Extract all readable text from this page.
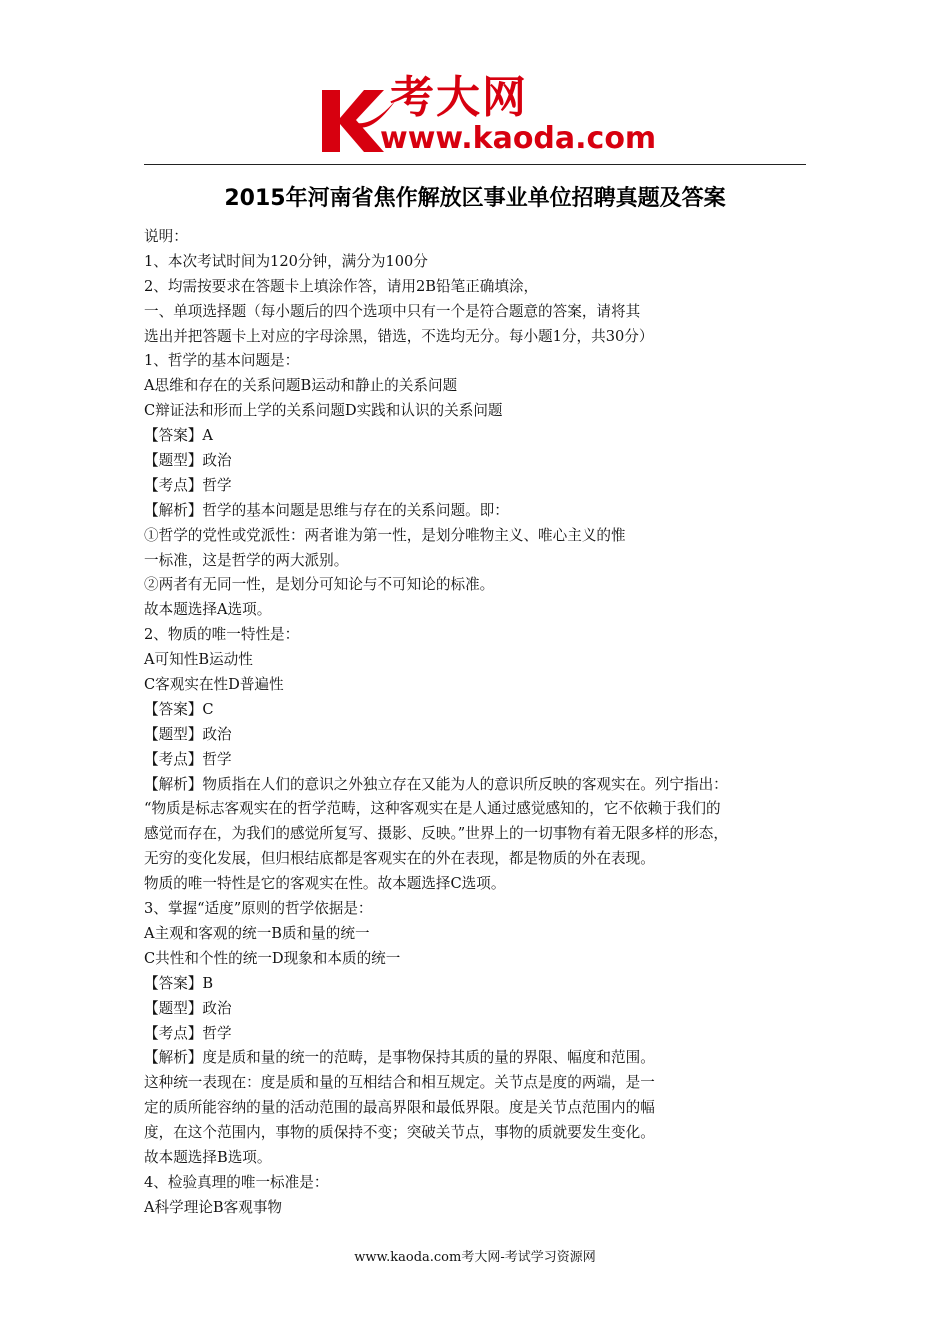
考大网
www.kaoda.com
2015年河南省焦作解放区事业单位招聘真题及答案
说明：
1、本次考试时间为120分钟，满分为100分
2、均需按要求在答题卡上填涂作答，请用2B铅笔正确填涂，
一、单项选择题（每小题后的四个选项中只有一个是符合题意的答案，请将其
选出并把答题卡上对应的字母涂黑，错选，不选均无分。每小题1分，共30分）
1、哲学的基本问题是：
A思维和存在的关系问题B运动和静止的关系问题
C辩证法和形而上学的关系问题D实践和认识的关系问题
【答案】A
【题型】政治
【考点】哲学
【解析】哲学的基本问题是思维与存在的关系问题。即：
①哲学的党性或党派性：两者谁为第一性，是划分唯物主义、唯心主义的惟
一标准，这是哲学的两大派别。
②两者有无同一性，是划分可知论与不可知论的标准。
故本题选择A选项。
2、物质的唯一特性是：
A可知性B运动性
C客观实在性D普遍性
【答案】C
【题型】政治
【考点】哲学
【解析】物质指在人们的意识之外独立存在又能为人的意识所反映的客观实在。列宁指出：
“物质是标志客观实在的哲学范畴，这种客观实在是人通过感觉感知的，它不依赖于我们的
感觉而存在，为我们的感觉所复写、摄影、反映。”世界上的一切事物有着无限多样的形态，
无穷的变化发展，但归根结底都是客观实在的外在表现，都是物质的外在表现。
物质的唯一特性是它的客观实在性。故本题选择C选项。
3、掌握“适度”原则的哲学依据是：
A主观和客观的统一B质和量的统一
C共性和个性的统一D现象和本质的统一
【答案】B
【题型】政治
【考点】哲学
【解析】度是质和量的统一的范畴，是事物保持其质的量的界限、幅度和范围。
这种统一表现在：度是质和量的互相结合和相互规定。关节点是度的两端，是一
定的质所能容纳的量的活动范围的最高界限和最低界限。度是关节点范围内的幅
度，在这个范围内，事物的质保持不变；突破关节点，事物的质就要发生变化。
故本题选择B选项。
4、检验真理的唯一标准是：
A科学理论B客观事物
www.kaoda.com考大网-考试学习资源网
